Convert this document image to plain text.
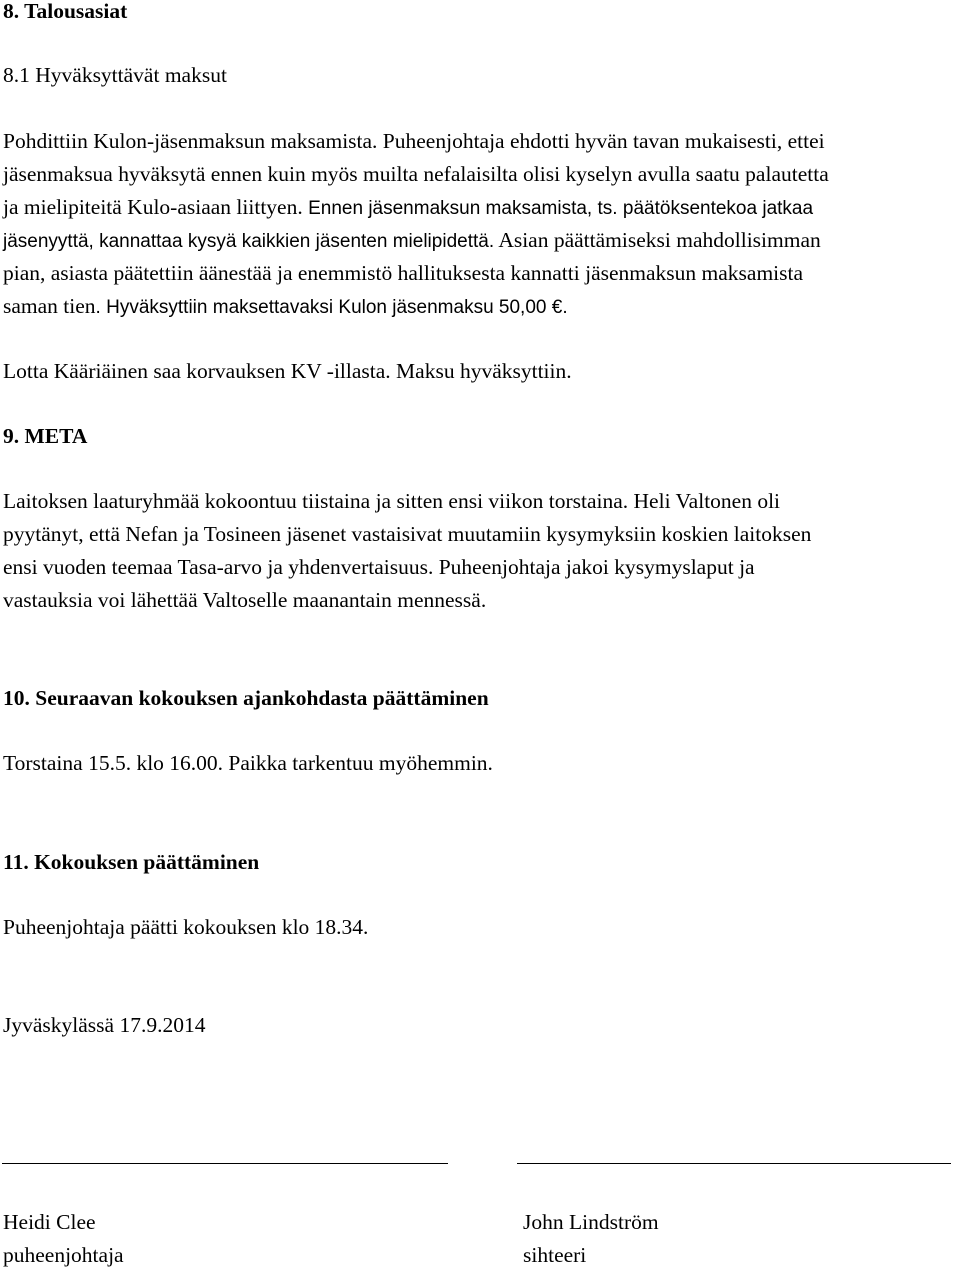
8. Talousasiat
8.1 Hyväksyttävät maksut
Pohdittiin Kulon-jäsenmaksun maksamista. Puheenjohtaja ehdotti hyvän tavan mukaisesti, ettei
jäsenmaksua hyväksytä ennen kuin myös muilta nefalaisilta olisi kyselyn avulla saatu palautetta
ja mielipiteitä Kulo-asiaan liittyen. Ennen jäsenmaksun maksamista, ts. päätöksentekoa jatkaa
jäsenyyttä, kannattaa kysyä kaikkien jäsenten mielipidettä. Asian päättämiseksi mahdollisimman
pian, asiasta päätettiin äänestää ja enemmistö hallituksesta kannatti jäsenmaksun maksamista
saman tien. Hyväksyttiin maksettavaksi Kulon jäsenmaksu 50,00 €.
Lotta Kääriäinen saa korvauksen KV -illasta. Maksu hyväksyttiin.
9. META
Laitoksen laaturyhmää kokoontuu tiistaina ja sitten ensi viikon torstaina. Heli Valtonen oli
pyytänyt, että Nefan ja Tosineen jäsenet vastaisivat muutamiin kysymyksiin koskien laitoksen
ensi vuoden teemaa Tasa-arvo ja yhdenvertaisuus. Puheenjohtaja jakoi kysymyslaput ja
vastauksia voi lähettää Valtoselle maanantain mennessä.
10. Seuraavan kokouksen ajankohdasta päättäminen
Torstaina 15.5. klo 16.00. Paikka tarkentuu myöhemmin.
11. Kokouksen päättäminen
Puheenjohtaja päätti kokouksen klo 18.34.
Jyväskylässä 17.9.2014
Heidi Clee
puheenjohtaja
John Lindström
sihteeri
